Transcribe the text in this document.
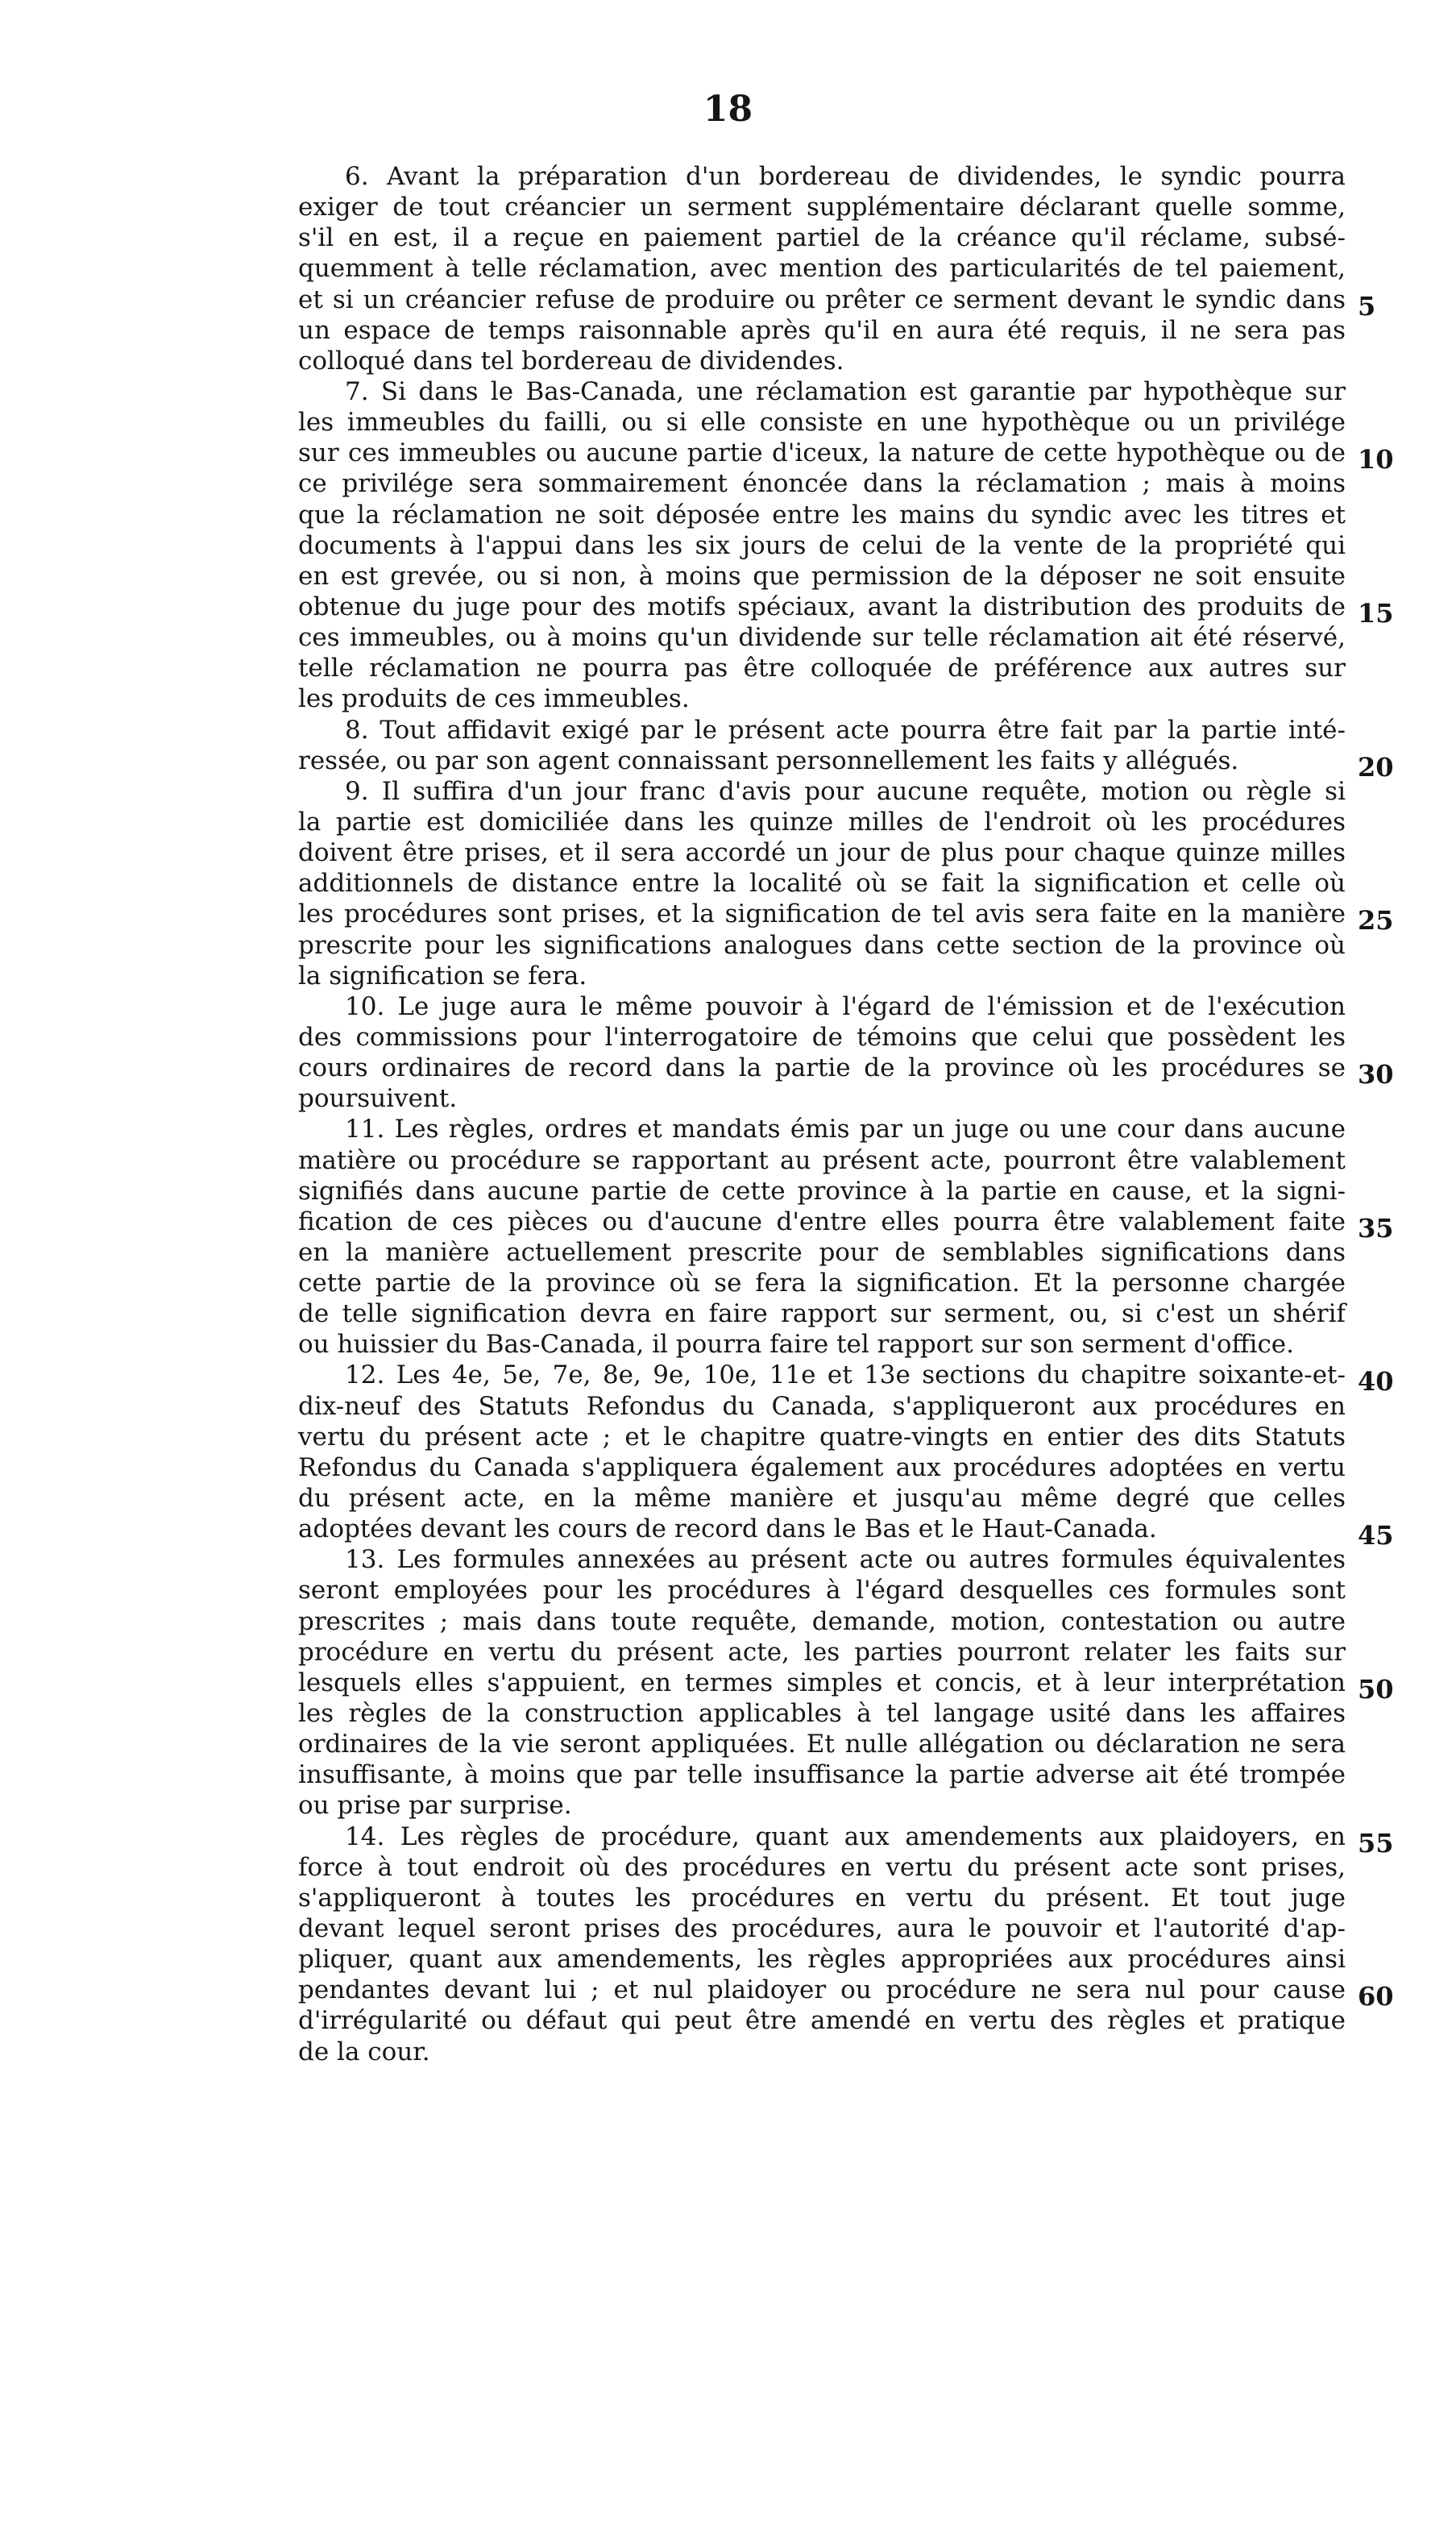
18
6. Avant la préparation d'un bordereau de dividendes, le syndic pourra
exiger de tout créancier un serment supplémentaire déclarant quelle somme,
s'il en est, il a reçue en paiement partiel de la créance qu'il réclame, subsé-
quemment à telle réclamation, avec mention des particularités de tel paiement,
et si un créancier refuse de produire ou prêter ce serment devant le syndic dans 5
un espace de temps raisonnable après qu'il en aura été requis, il ne sera pas
colloqué dans tel bordereau de dividendes.
7. Si dans le Bas-Canada, une réclamation est garantie par hypothèque sur
les immeubles du failli, ou si elle consiste en une hypothèque ou un privilége
sur ces immeubles ou aucune partie d'iceux, la nature de cette hypothèque ou de 10
ce privilége sera sommairement énoncée dans la réclamation ; mais à moins
que la réclamation ne soit déposée entre les mains du syndic avec les titres et
documents à l'appui dans les six jours de celui de la vente de la propriété qui
en est grevée, ou si non, à moins que permission de la déposer ne soit ensuite
obtenue du juge pour des motifs spéciaux, avant la distribution des produits de 15
ces immeubles, ou à moins qu'un dividende sur telle réclamation ait été réservé,
telle réclamation ne pourra pas être colloquée de préférence aux autres sur
les produits de ces immeubles.
8. Tout affidavit exigé par le présent acte pourra être fait par la partie inté-
ressée, ou par son agent connaissant personnellement les faits y allégués.	20
9. Il suffira d'un jour franc d'avis pour aucune requête, motion ou règle si
la partie est domiciliée dans les quinze milles de l'endroit où les procédures
doivent être prises, et il sera accordé un jour de plus pour chaque quinze milles
additionnels de distance entre la localité où se fait la signification et celle où
les procédures sont prises, et la signification de tel avis sera faite en la manière 25
prescrite pour les significations analogues dans cette section de la province où
la signification se fera.
10. Le juge aura le même pouvoir à l'égard de l'émission et de l'exécution
des commissions pour l'interrogatoire de témoins que celui que possèdent les
cours ordinaires de record dans la partie de la province où les procédures se 30
poursuivent.
11. Les règles, ordres et mandats émis par un juge ou une cour dans aucune
matière ou procédure se rapportant au présent acte, pourront être valablement
signifiés dans aucune partie de cette province à la partie en cause, et la signi-
fication de ces pièces ou d'aucune d'entre elles pourra être valablement faite 35
en la manière actuellement prescrite pour de semblables significations dans
cette partie de la province où se fera la signification. Et la personne chargée
de telle signification devra en faire rapport sur serment, ou, si c'est un shérif
ou huissier du Bas-Canada, il pourra faire tel rapport sur son serment d'office.
12. Les 4e, 5e, 7e, 8e, 9e, 10e, 11e et 13e sections du chapitre soixante-et- 40
dix-neuf des Statuts Refondus du Canada, s'appliqueront aux procédures en
vertu du présent acte ; et le chapitre quatre-vingts en entier des dits Statuts
Refondus du Canada s'appliquera également aux procédures adoptées en vertu
du présent acte, en la même manière et jusqu'au même degré que celles
adoptées devant les cours de record dans le Bas et le Haut-Canada.	45
13. Les formules annexées au présent acte ou autres formules équivalentes
seront employées pour les procédures à l'égard desquelles ces formules sont
prescrites ; mais dans toute requête, demande, motion, contestation ou autre
procédure en vertu du présent acte, les parties pourront relater les faits sur
lesquels elles s'appuient, en termes simples et concis, et à leur interprétation 50
les règles de la construction applicables à tel langage usité dans les affaires
ordinaires de la vie seront appliquées. Et nulle allégation ou déclaration ne sera
insuffisante, à moins que par telle insuffisance la partie adverse ait été trompée
ou prise par surprise.
14. Les règles de procédure, quant aux amendements aux plaidoyers, en 55
force à tout endroit où des procédures en vertu du présent acte sont prises,
s'appliqueront à toutes les procédures en vertu du présent. Et tout juge
devant lequel seront prises des procédures, aura le pouvoir et l'autorité d'ap-
pliquer, quant aux amendements, les règles appropriées aux procédures ainsi
pendantes devant lui ; et nul plaidoyer ou procédure ne sera nul pour cause 60
d'irrégularité ou défaut qui peut être amendé en vertu des règles et pratique
de la cour.
